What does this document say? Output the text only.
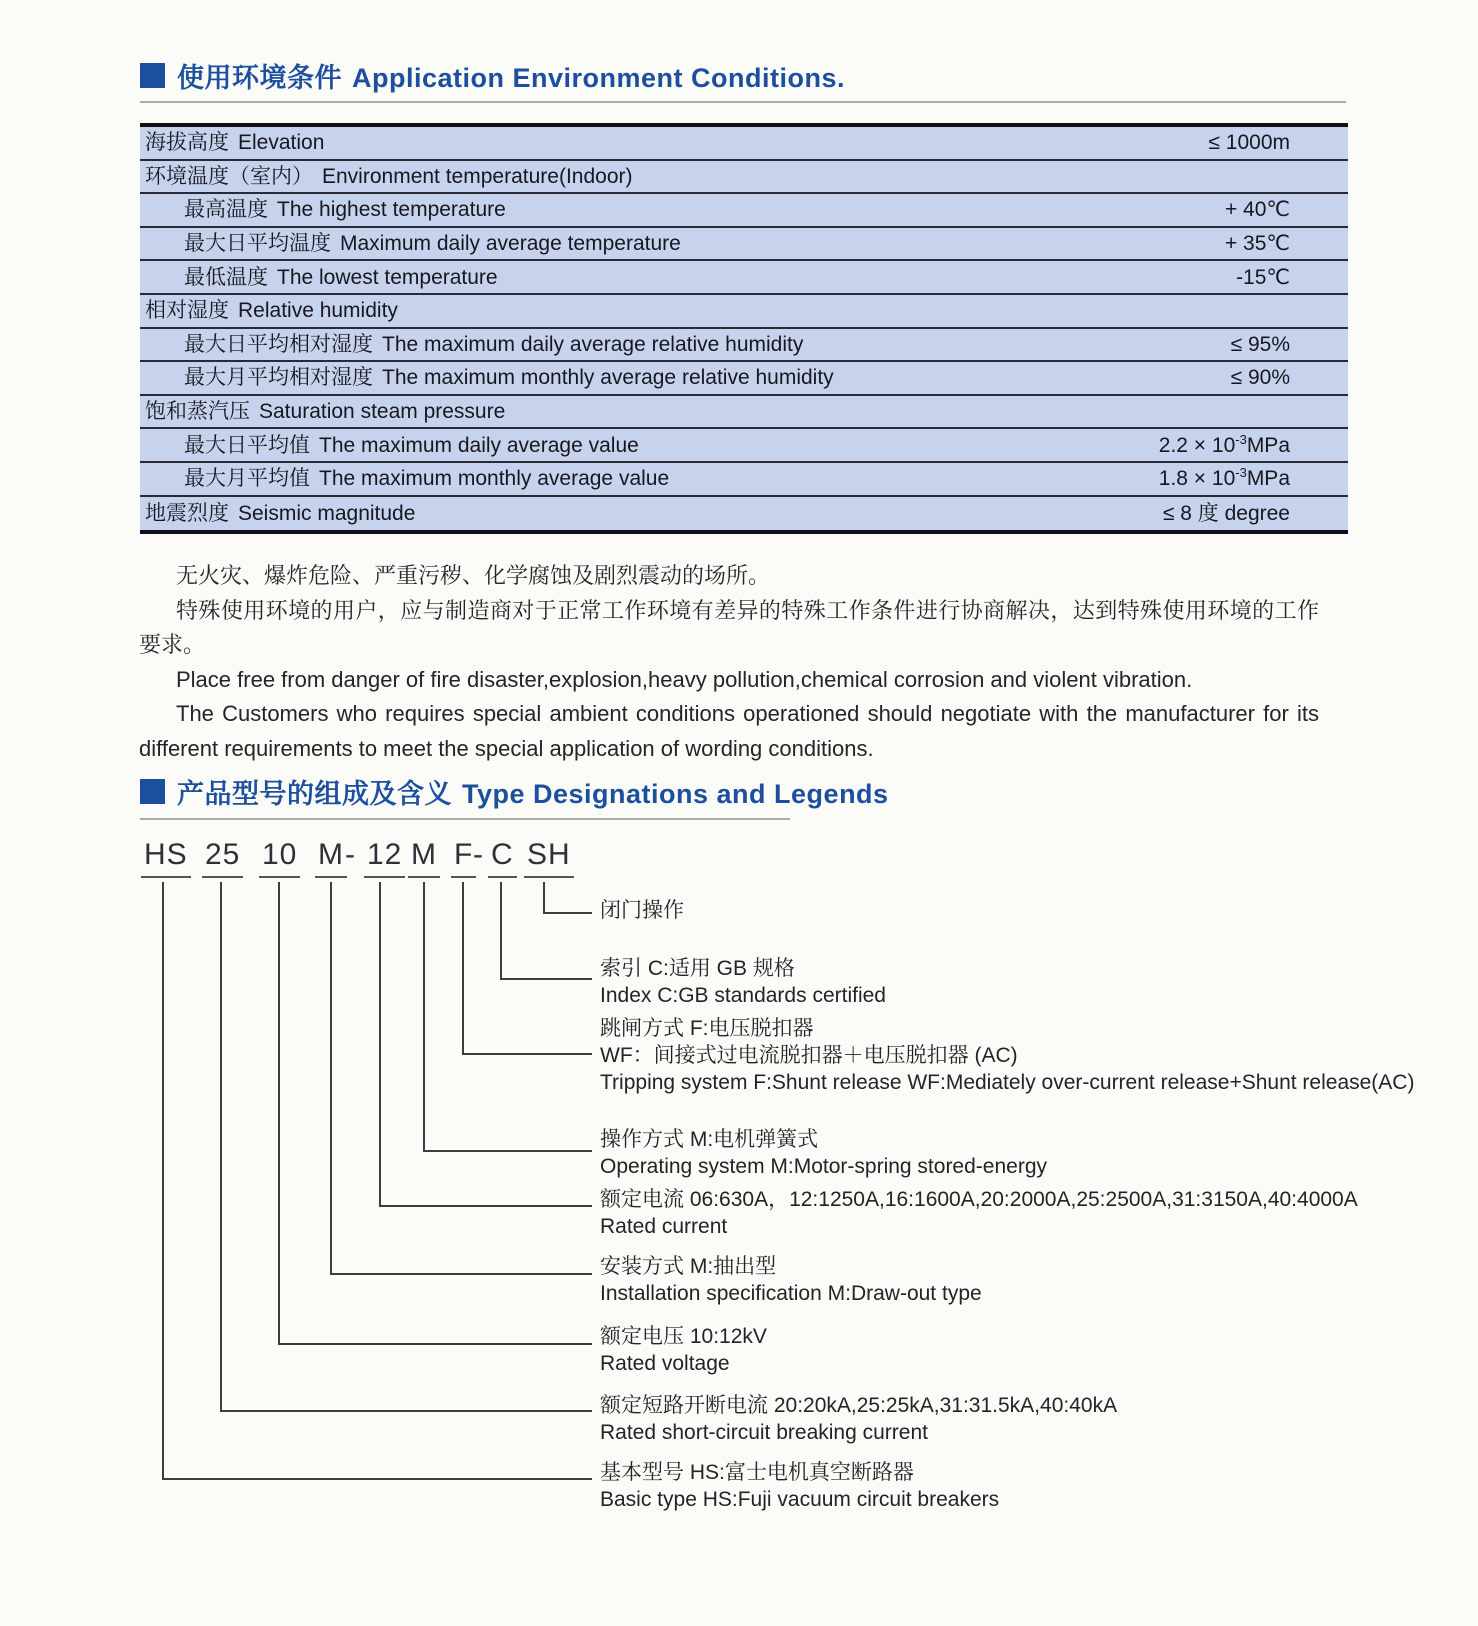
使用环境条件 Application Environment Conditions.
海拔高度 Elevation	≤ 1000m
环境温度（室内） Environment temperature(Indoor)
最高温度 The highest temperature	+ 40℃
最大日平均温度 Maximum daily average temperature	+ 35℃
最低温度 The lowest temperature	-15℃
相对湿度 Relative humidity
最大日平均相对湿度 The maximum daily average relative humidity	≤ 95%
最大月平均相对湿度 The maximum monthly average relative humidity	≤ 90%
饱和蒸汽压 Saturation steam pressure
最大日平均值 The maximum daily average value	$2.2 \times 10^{-3}MPa$
最大月平均值 The maximum monthly average value	$1.8 \times 10^{-3}MPa$
地震烈度 Seismic magnitude	≤ 8 度 degree

无火灾、爆炸危险、严重污秽、化学腐蚀及剧烈震动的场所。

特殊使用环境的用户，应与制造商对于正常工作环境有差异的特殊工作条件进行协商解决，达到特殊使用环境的工作要求。

Place free from danger of fire disaster,explosion,heavy pollution,chemical corrosion and violent vibration.

The Customers who requires special ambient conditions operationed should negotiate with the manufacturer for its different requirements to meet the special application of wording conditions.

产品型号的组成及含义 Type Designations and Legends
HS 25 10 M - 12 M F - C SH
闭门操作
索引 C:适用 GB 规格
Index C:GB standards certified
跳闸方式 F:电压脱扣器
WF：间接式过电流脱扣器＋电压脱扣器 (AC)
Tripping system F:Shunt release WF:Mediately over-current release+Shunt release(AC)
操作方式 M:电机弹簧式
Operating system M:Motor-spring stored-energy
额定电流 06:630A，12:1250A,16:1600A,20:2000A,25:2500A,31:3150A,40:4000A
Rated current
安装方式 M:抽出型
Installation specification M:Draw-out type
额定电压 10:12kV
Rated voltage
额定短路开断电流 20:20kA,25:25kA,31:31.5kA,40:40kA
Rated short-circuit breaking current
基本型号 HS:富士电机真空断路器
Basic type HS:Fuji vacuum circuit breakers
